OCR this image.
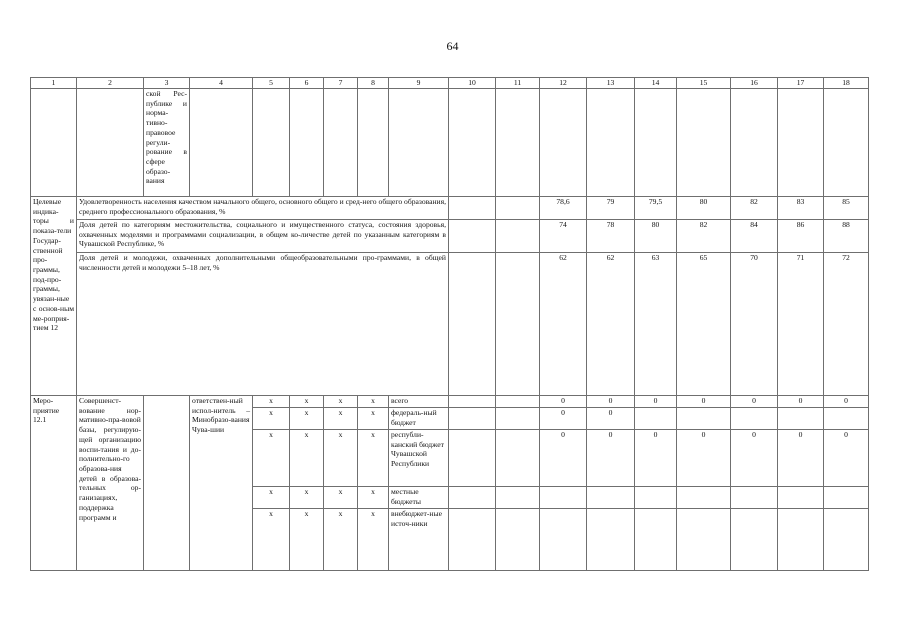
64
1	2	3	4	5	6	7	8	9	10	11	12	13	14	15	16	17	18
		ской Рес-публике и норма-тивно-правовое регули-рование в сфере образо-вания															
Целевые индика-торы и показа-тели Государ-ственной про-граммы, под-про-граммы, увязан-ные с основ-ным ме-роприя-тием 12	Удовлетворенность населения качеством начального общего, основного общего и сред-него общего образования, среднего профессионального образования, %										78,6	79	79,5	80	82	83	85
	Доля детей по категориям местожительства, социального и имущественного статуса, состояния здоровья, охваченных моделями и программами социализации, в общем ко-личестве детей по указанным категориям в Чувашской Республике, %										74	78	80	82	84	86	88
	Доля детей и молодежи, охваченных дополнительными общеобразовательными про-граммами, в общей численности детей и молодежи 5–18 лет, %										62	62	63	65	70	71	72
Меро-приятие 12.1	Совершенст-вование нор-мативно-пра-вовой базы, регулирую-щей организацию воспи-тания и до-полнительно-го образова-ния детей в образова-тельных ор-ганизациях, поддержка программ и		ответствен-ный испол-нитель – Минобразо-вания Чува-шии	x	x	x	x	всего			0	0	0	0	0	0	0
				x	x	x	x	федераль-ный бюджет			0	0					
				x	x	x	x	республи-канский бюджет Чувашской Республики			0	0	0	0	0	0	0
				x	x	x	x	местные бюджеты									
				x	x	x	x	внебюджет-ные источ-ники									
